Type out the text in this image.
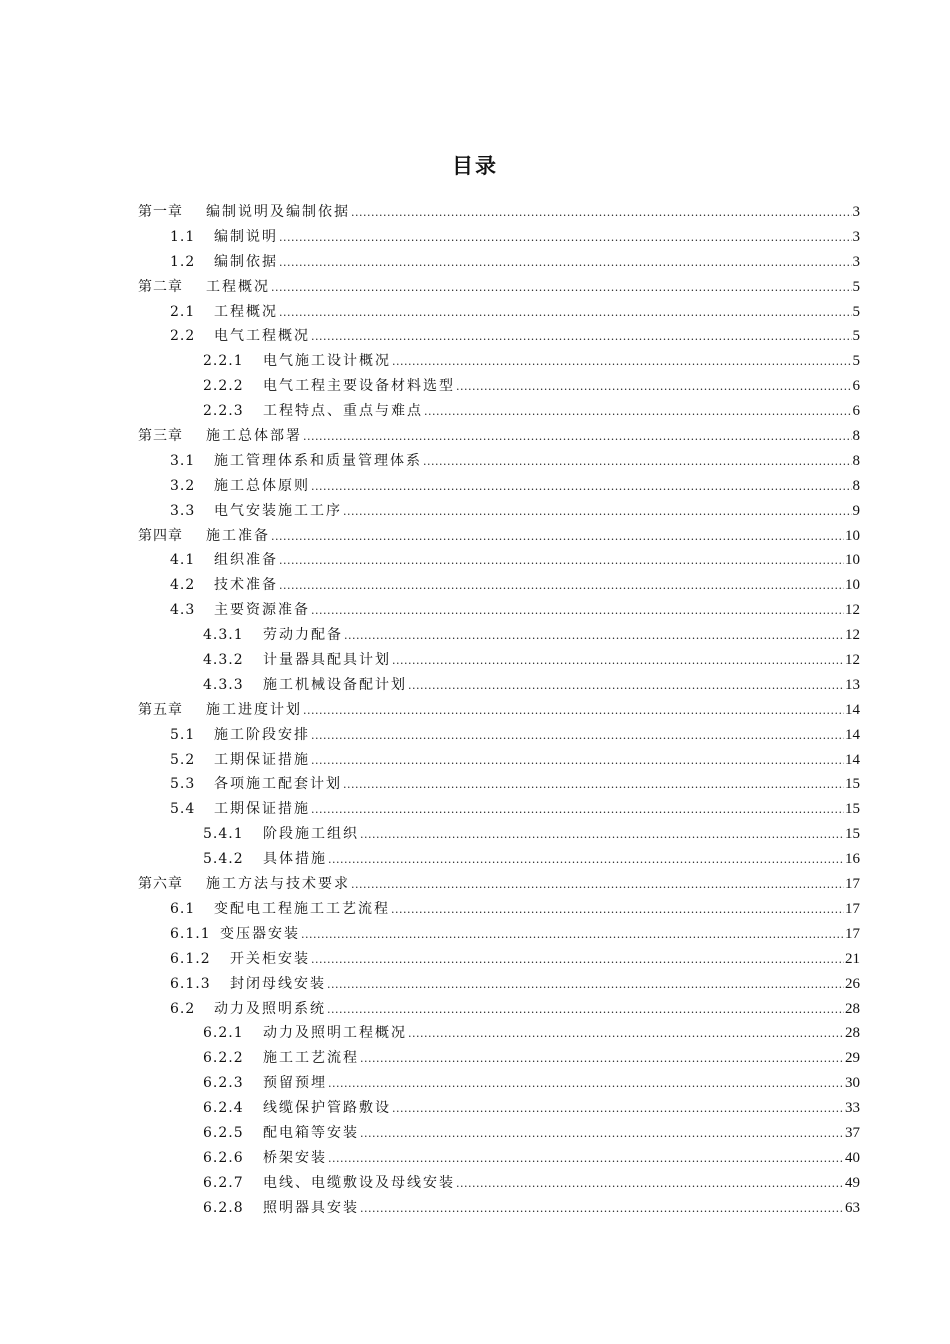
目录
第一章	编制说明及编制依据 .....	3
1.1	编制说明 .....	3
1.2	编制依据 .....	3
第二章	工程概况 .....	5
2.1	工程概况 .....	5
2.2	电气工程概况 .....	5
2.2.1	电气施工设计概况 .....	5
2.2.2	电气工程主要设备材料选型 .....	6
2.2.3	工程特点、重点与难点 .....	6
第三章	施工总体部署 .....	8
3.1	施工管理体系和质量管理体系 .....	8
3.2	施工总体原则 .....	8
3.3	电气安装施工工序 .....	9
第四章	施工准备 .....	10
4.1	组织准备 .....	10
4.2	技术准备 .....	10
4.3	主要资源准备 .....	12
4.3.1	劳动力配备 .....	12
4.3.2	计量器具配具计划 .....	12
4.3.3	施工机械设备配计划 .....	13
第五章	施工进度计划 .....	14
5.1	施工阶段安排 .....	14
5.2	工期保证措施 .....	14
5.3	各项施工配套计划 .....	15
5.4	工期保证措施 .....	15
5.4.1	阶段施工组织 .....	15
5.4.2	具体措施 .....	16
第六章	施工方法与技术要求 .....	17
6.1	变配电工程施工工艺流程 .....	17
6.1.1 变压器安装 .....	17
6.1.2	开关柜安装 .....	21
6.1.3	封闭母线安装 .....	26
6.2	动力及照明系统 .....	28
6.2.1	动力及照明工程概况 .....	28
6.2.2	施工工艺流程 .....	29
6.2.3	预留预埋 .....	30
6.2.4	线缆保护管路敷设 .....	33
6.2.5	配电箱等安装 .....	37
6.2.6	桥架安装 .....	40
6.2.7	电线、电缆敷设及母线安装 .....	49
6.2.8	照明器具安装 .....	63
